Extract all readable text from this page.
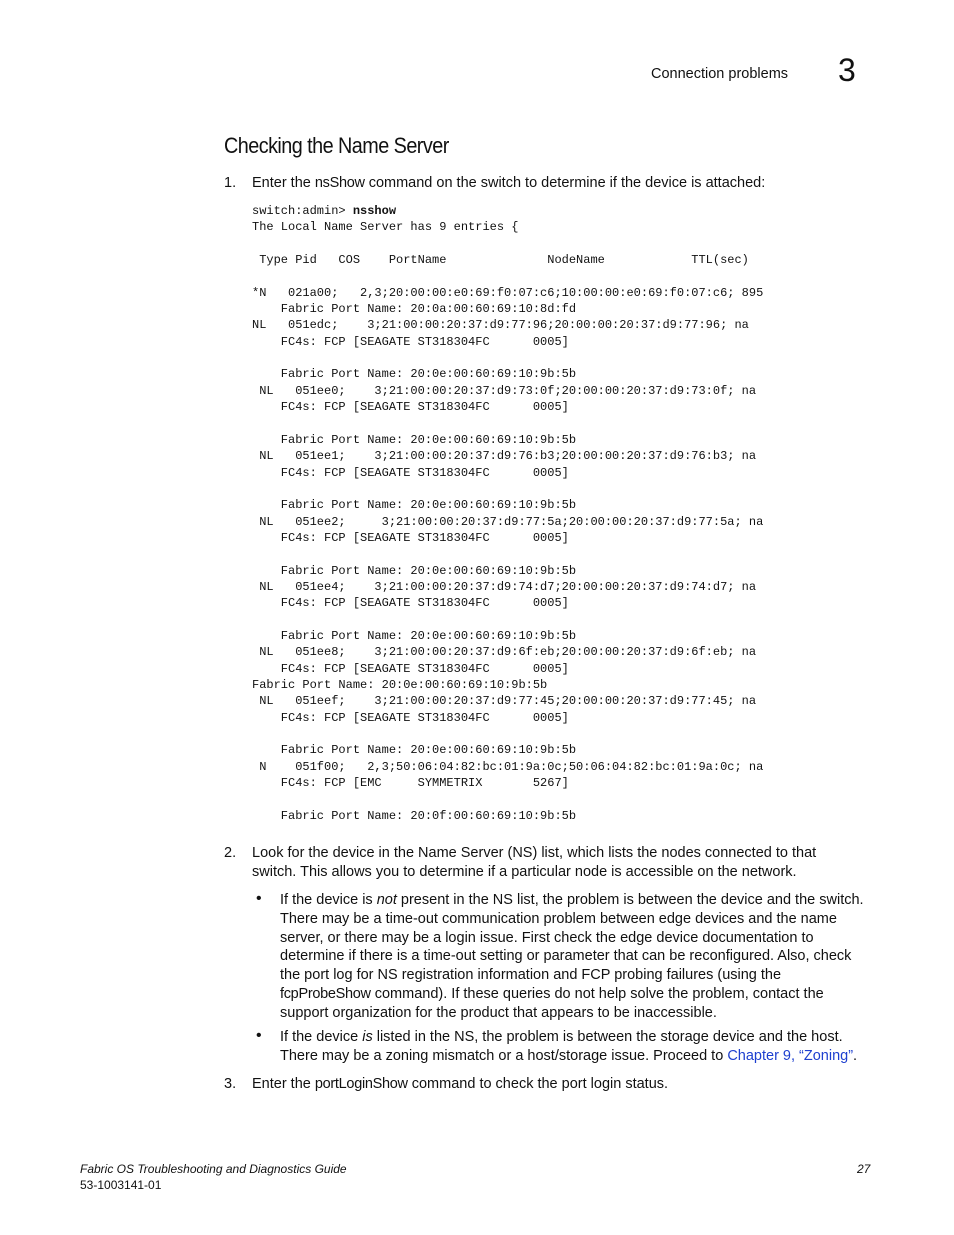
Connection problems 3
Checking the Name Server
1. Enter the nsShow command on the switch to determine if the device is attached:
switch:admin> nsshow
The Local Name Server has 9 entries {

Type Pid   COS    PortName              NodeName            TTL(sec)

*N   021a00;   2,3;20:00:00:e0:69:f0:07:c6;10:00:00:e0:69:f0:07:c6; 895
Fabric Port Name: 20:0a:00:60:69:10:8d:fd
NL   051edc;    3;21:00:00:20:37:d9:77:96;20:00:00:20:37:d9:77:96; na
FC4s: FCP [SEAGATE ST318304FC      0005]

Fabric Port Name: 20:0e:00:60:69:10:9b:5b
NL   051ee0;    3;21:00:00:20:37:d9:73:0f;20:00:00:20:37:d9:73:0f; na
FC4s: FCP [SEAGATE ST318304FC      0005]

Fabric Port Name: 20:0e:00:60:69:10:9b:5b
NL   051ee1;    3;21:00:00:20:37:d9:76:b3;20:00:00:20:37:d9:76:b3; na
FC4s: FCP [SEAGATE ST318304FC      0005]

Fabric Port Name: 20:0e:00:60:69:10:9b:5b
NL   051ee2;     3;21:00:00:20:37:d9:77:5a;20:00:00:20:37:d9:77:5a; na
FC4s: FCP [SEAGATE ST318304FC      0005]

Fabric Port Name: 20:0e:00:60:69:10:9b:5b
NL   051ee4;    3;21:00:00:20:37:d9:74:d7;20:00:00:20:37:d9:74:d7; na
FC4s: FCP [SEAGATE ST318304FC      0005]

Fabric Port Name: 20:0e:00:60:69:10:9b:5b
NL   051ee8;    3;21:00:00:20:37:d9:6f:eb;20:00:00:20:37:d9:6f:eb; na
FC4s: FCP [SEAGATE ST318304FC      0005]
Fabric Port Name: 20:0e:00:60:69:10:9b:5b
NL   051eef;    3;21:00:00:20:37:d9:77:45;20:00:00:20:37:d9:77:45; na
FC4s: FCP [SEAGATE ST318304FC      0005]

Fabric Port Name: 20:0e:00:60:69:10:9b:5b
N    051f00;   2,3;50:06:04:82:bc:01:9a:0c;50:06:04:82:bc:01:9a:0c; na
FC4s: FCP [EMC     SYMMETRIX       5267]

Fabric Port Name: 20:0f:00:60:69:10:9b:5b
2. Look for the device in the Name Server (NS) list, which lists the nodes connected to that switch. This allows you to determine if a particular node is accessible on the network.
• If the device is not present in the NS list, the problem is between the device and the switch. There may be a time-out communication problem between edge devices and the name server, or there may be a login issue. First check the edge device documentation to determine if there is a time-out setting or parameter that can be reconfigured. Also, check the port log for NS registration information and FCP probing failures (using the fcpProbeShow command). If these queries do not help solve the problem, contact the support organization for the product that appears to be inaccessible.
• If the device is listed in the NS, the problem is between the storage device and the host. There may be a zoning mismatch or a host/storage issue. Proceed to Chapter 9, “Zoning”.
3. Enter the portLoginShow command to check the port login status.
Fabric OS Troubleshooting and Diagnostics Guide
53-1003141-01
27
